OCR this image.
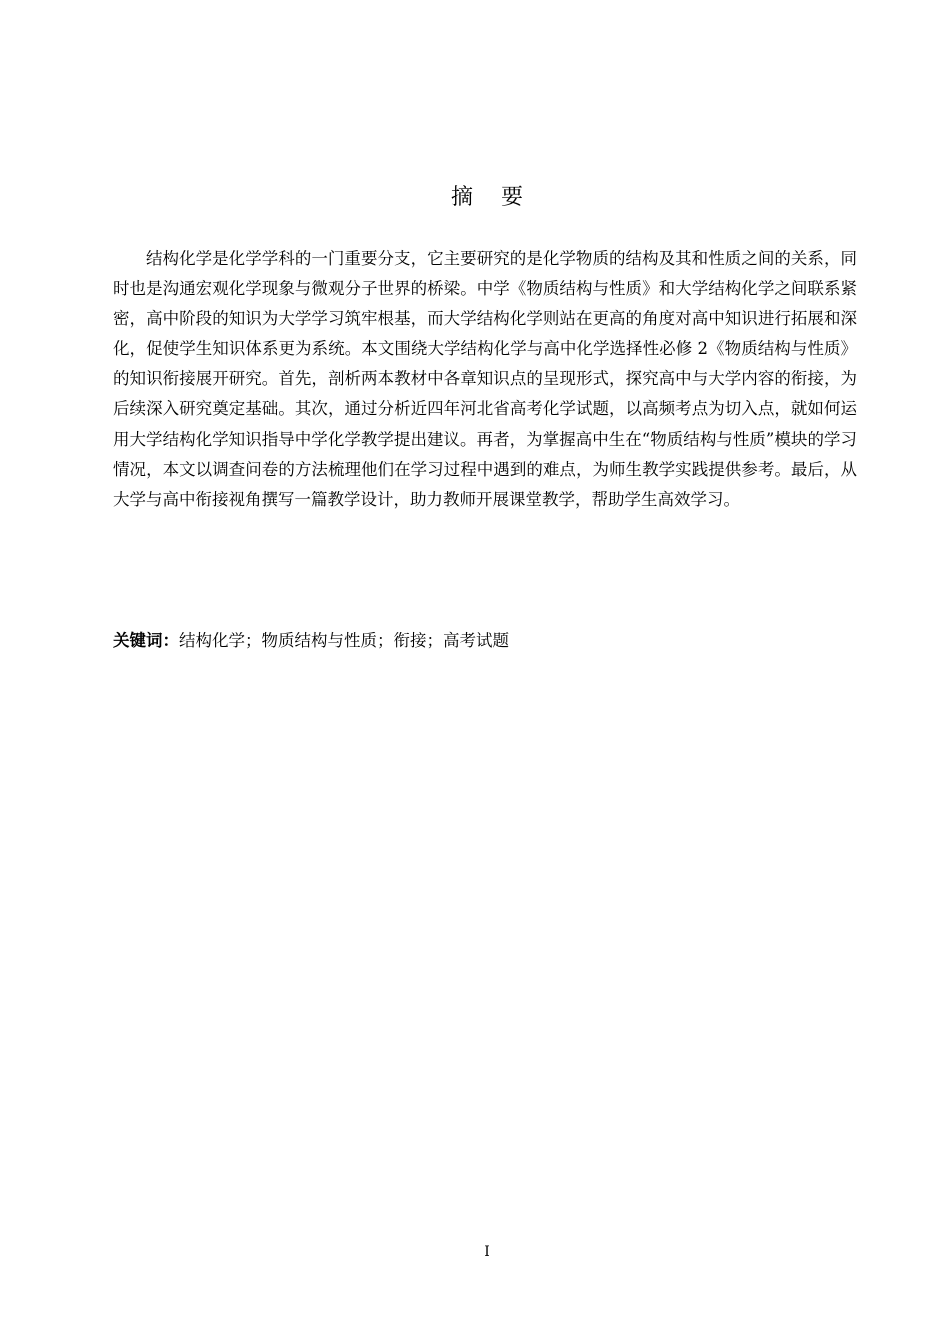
摘    要

结构化学是化学学科的一门重要分支，它主要研究的是化学物质的结构及其和性质之间的关系，同时也是沟通宏观化学现象与微观分子世界的桥梁。中学《物质结构与性质》和大学结构化学之间联系紧密，高中阶段的知识为大学学习筑牢根基，而大学结构化学则站在更高的角度对高中知识进行拓展和深化，促使学生知识体系更为系统。本文围绕大学结构化学与高中化学选择性必修 2《物质结构与性质》的知识衔接展开研究。首先，剖析两本教材中各章知识点的呈现形式，探究高中与大学内容的衔接，为后续深入研究奠定基础。其次，通过分析近四年河北省高考化学试题，以高频考点为切入点，就如何运用大学结构化学知识指导中学化学教学提出建议。再者，为掌握高中生在“物质结构与性质”模块的学习情况，本文以调查问卷的方法梳理他们在学习过程中遇到的难点，为师生教学实践提供参考。最后，从大学与高中衔接视角撰写一篇教学设计，助力教师开展课堂教学，帮助学生高效学习。

关键词：结构化学；物质结构与性质；衔接；高考试题

I
